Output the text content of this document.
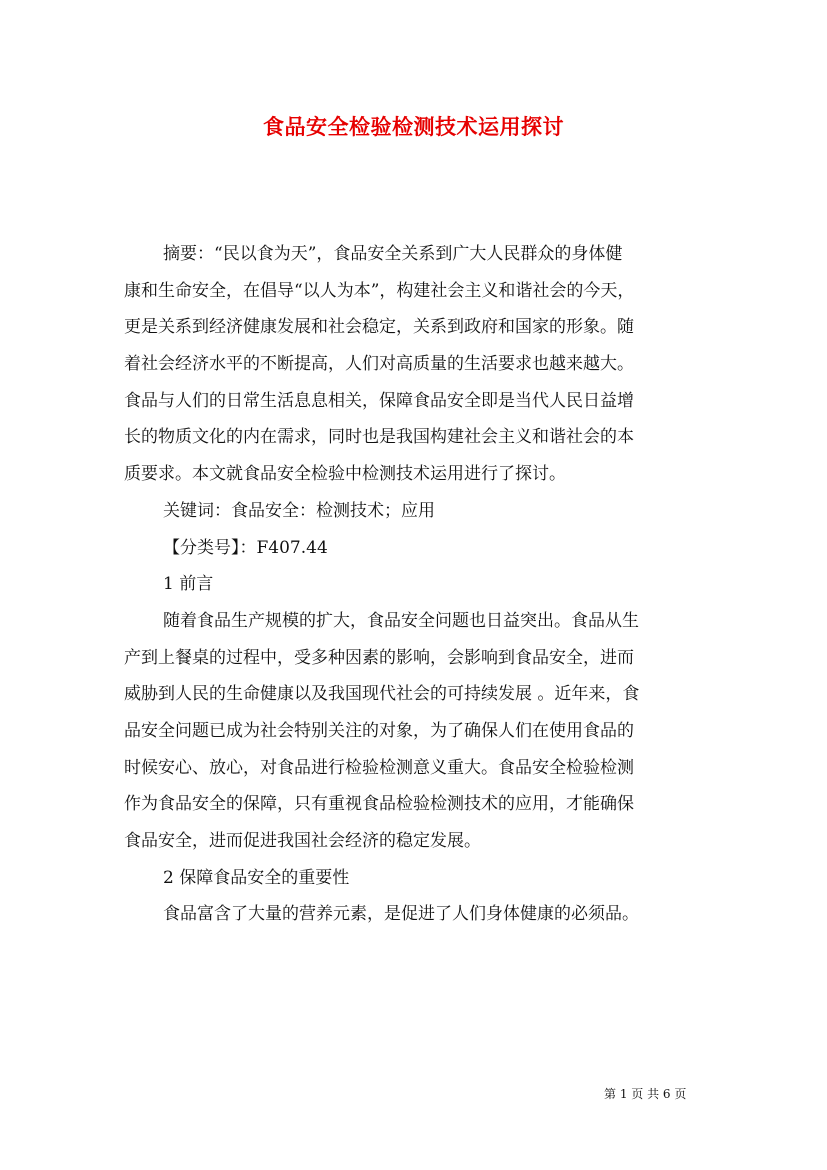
食品安全检验检测技术运用探讨
摘要：“民以食为天”，食品安全关系到广大人民群众的身体健
康和生命安全，在倡导“以人为本”，构建社会主义和谐社会的今天，
更是关系到经济健康发展和社会稳定，关系到政府和国家的形象。随
着社会经济水平的不断提高，人们对高质量的生活要求也越来越大。
食品与人们的日常生活息息相关，保障食品安全即是当代人民日益增
长的物质文化的内在需求，同时也是我国构建社会主义和谐社会的本
质要求。本文就食品安全检验中检测技术运用进行了探讨。
关键词：食品安全：检测技术；应用
【分类号】：F407.44
1 前言
随着食品生产规模的扩大，食品安全问题也日益突出。食品从生
产到上餐桌的过程中，受多种因素的影响，会影响到食品安全，进而
威胁到人民的生命健康以及我国现代社会的可持续发展 。近年来，食
品安全问题已成为社会特别关注的对象，为了确保人们在使用食品的
时候安心、放心，对食品进行检验检测意义重大。食品安全检验检测
作为食品安全的保障，只有重视食品检验检测技术的应用，才能确保
食品安全，进而促进我国社会经济的稳定发展。
2 保障食品安全的重要性
食品富含了大量的营养元素，是促进了人们身体健康的必须品。
第 1 页 共 6 页
